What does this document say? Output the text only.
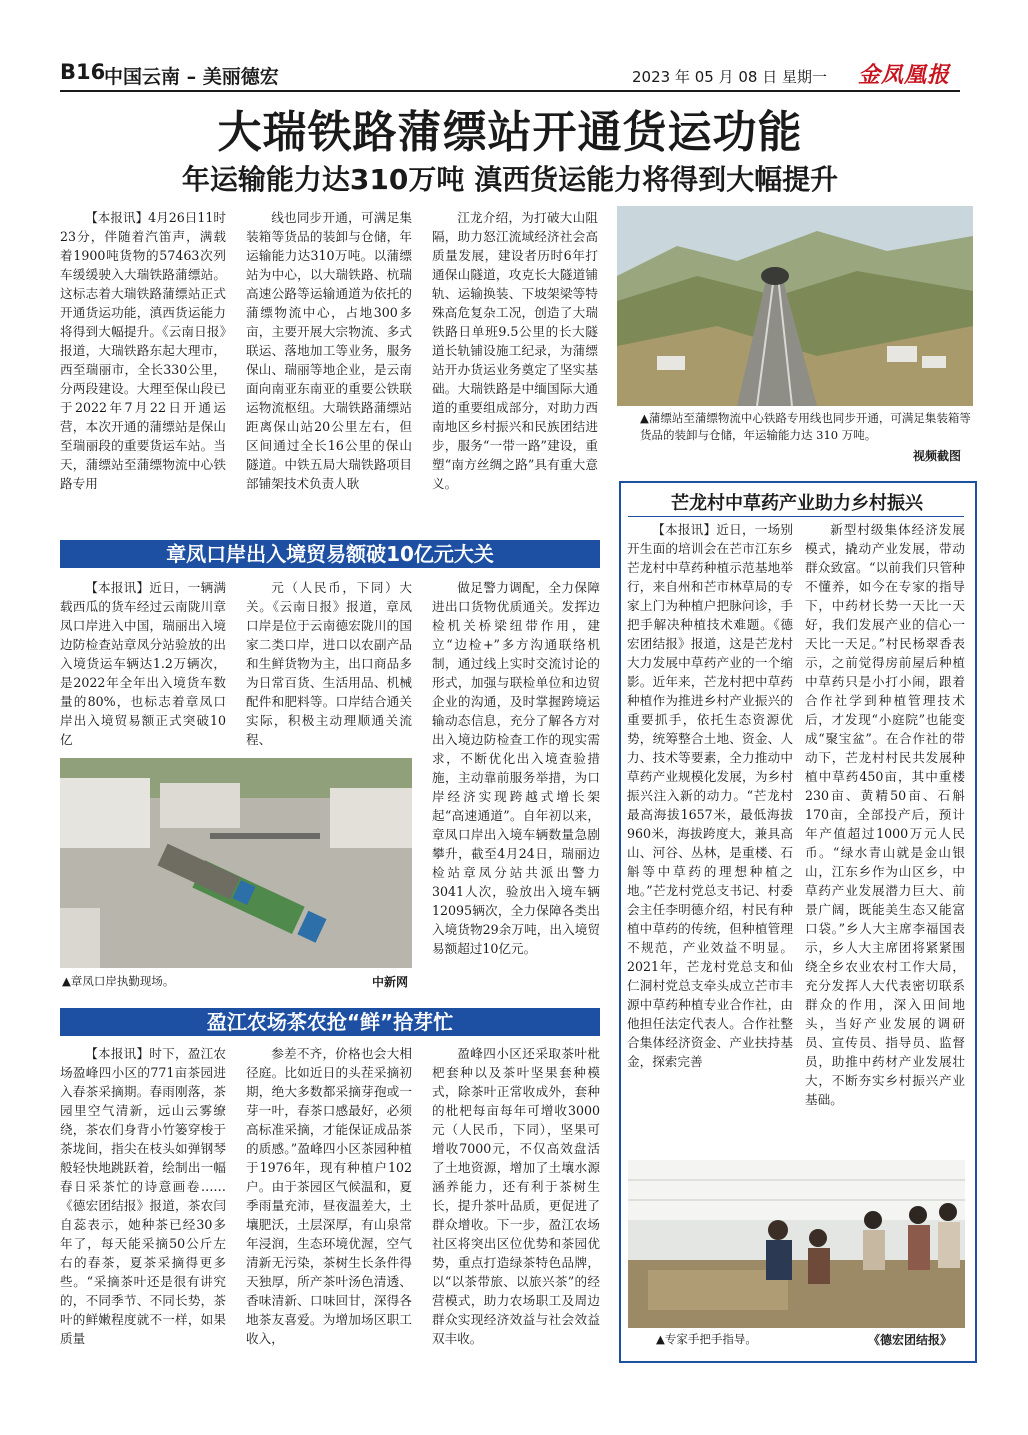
B16
中国云南 – 美丽德宏	2023 年 05 月 08 日 星期一 金凤凰报
大瑞铁路蒲缥站开通货运功能
年运输能力达310万吨 滇西货运能力将得到大幅提升

【本报讯】4月26日11时23分，伴随着汽笛声，满载着1900吨货物的57463次列车缓缓驶入大瑞铁路蒲缥站。这标志着大瑞铁路蒲缥站正式开通货运功能，滇西货运能力将得到大幅提升。《云南日报》报道，大瑞铁路东起大理市，西至瑞丽市，全长330公里，分两段建设。大理至保山段已于2022年7月22日开通运营，本次开通的蒲缥站是保山至瑞丽段的重要货运车站。当天，蒲缥站至蒲缥物流中心铁路专用

线也同步开通，可满足集装箱等货品的装卸与仓储，年运输能力达310万吨。以蒲缥站为中心，以大瑞铁路、杭瑞高速公路等运输通道为依托的蒲缥物流中心，占地300多亩，主要开展大宗物流、多式联运、落地加工等业务，服务保山、瑞丽等地企业，是云南面向南亚东南亚的重要公铁联运物流枢纽。大瑞铁路蒲缥站距离保山站20公里左右，但区间通过全长16公里的保山隧道。中铁五局大瑞铁路项目部铺架技术负责人耿

江龙介绍，为打破大山阻隔，助力怒江流域经济社会高质量发展，建设者历时6年打通保山隧道，攻克长大隧道铺轨、运输换装、下坡架梁等特殊高危复杂工况，创造了大瑞铁路日单班9.5公里的长大隧道长轨铺设施工纪录，为蒲缥站开办货运业务奠定了坚实基础。大瑞铁路是中缅国际大通道的重要组成部分，对助力西南地区乡村振兴和民族团结进步，服务“一带一路”建设，重塑“南方丝绸之路”具有重大意义。

▲蒲缥站至蒲缥物流中心铁路专用线也同步开通，可满足集装箱等货品的装卸与仓储，年运输能力达 310 万吨。
视频截图
章凤口岸出入境贸易额破10亿元大关

【本报讯】近日，一辆满载西瓜的货车经过云南陇川章凤口岸进入中国，瑞丽出入境边防检查站章凤分站验放的出入境货运车辆达1.2万辆次，是2022年全年出入境货车数量的80%，也标志着章凤口岸出入境贸易额正式突破10亿

元（人民币，下同）大关。《云南日报》报道，章凤口岸是位于云南德宏陇川的国家二类口岸，进口以农副产品和生鲜货物为主，出口商品多为日常百货、生活用品、机械配件和肥料等。口岸结合通关实际，积极主动理顺通关流程、

做足警力调配，全力保障进出口货物优质通关。发挥边检机关桥梁纽带作用，建立“边检+”多方沟通联络机制，通过线上实时交流讨论的形式，加强与联检单位和边贸企业的沟通，及时掌握跨境运输动态信息，充分了解各方对出入境边防检查工作的现实需求，不断优化出入境查验措施，主动靠前服务举措，为口岸经济实现跨越式增长架起“高速通道”。自年初以来，章凤口岸出入境车辆数量急剧攀升，截至4月24日，瑞丽边检站章凤分站共派出警力3041人次，验放出入境车辆12095辆次，全力保障各类出入境货物29余万吨，出入境贸易额超过10亿元。

▲章凤口岸执勤现场。	中新网
盈江农场茶农抢“鲜”拾芽忙

【本报讯】时下，盈江农场盈峰四小区的771亩茶园进入春茶采摘期。春雨刚落，茶园里空气清新，远山云雾缭绕，茶农们身背小竹篓穿梭于茶垅间，指尖在枝头如弹钢琴般轻快地跳跃着，绘制出一幅春日采茶忙的诗意画卷……《德宏团结报》报道，茶农闫自蕊表示，她种茶已经30多年了，每天能采摘50公斤左右的春茶，夏茶采摘得更多些。“采摘茶叶还是很有讲究的，不同季节、不同长势，茶叶的鲜嫩程度就不一样，如果质量

参差不齐，价格也会大相径庭。比如近日的头茬采摘初期，绝大多数都采摘芽孢或一芽一叶，春茶口感最好，必须高标准采摘，才能保证成品茶的质感。”盈峰四小区茶园种植于1976年，现有种植户102户。由于茶园区气候温和，夏季雨量充沛，昼夜温差大，土壤肥沃，土层深厚，有山泉常年浸润，生态环境优渥，空气清新无污染，茶树生长条件得天独厚，所产茶叶汤色清透、香味清新、口味回甘，深得各地茶友喜爱。为增加场区职工收入，

盈峰四小区还采取茶叶枇杷套种以及茶叶坚果套种模式，除茶叶正常收成外，套种的枇杷每亩每年可增收3000元（人民币，下同），坚果可增收7000元，不仅高效盘活了土地资源，增加了土壤水源涵养能力，还有利于茶树生长，提升茶叶品质，更促进了群众增收。下一步，盈江农场社区将突出区位优势和茶园优势，重点打造绿茶特色品牌，以“以茶带旅、以旅兴茶”的经营模式，助力农场职工及周边群众实现经济效益与社会效益双丰收。

芒龙村中草药产业助力乡村振兴

【本报讯】近日，一场别开生面的培训会在芒市江东乡芒龙村中草药种植示范基地举行，来自州和芒市林草局的专家上门为种植户把脉问诊，手把手解决种植技术难题。《德宏团结报》报道，这是芒龙村大力发展中草药产业的一个缩影。近年来，芒龙村把中草药种植作为推进乡村产业振兴的重要抓手，依托生态资源优势，统筹整合土地、资金、人力、技术等要素，全力推动中草药产业规模化发展，为乡村振兴注入新的动力。“芒龙村最高海拔1657米，最低海拔960米，海拔跨度大，兼具高山、河谷、丛林，是重楼、石斛等中草药的理想种植之地。”芒龙村党总支书记、村委会主任李明德介绍，村民有种植中草药的传统，但种植管理不规范，产业效益不明显。2021年，芒龙村党总支和仙仁洞村党总支牵头成立芒市丰源中草药种植专业合作社，由他担任法定代表人。合作社整合集体经济资金、产业扶持基金，探索完善

新型村级集体经济发展模式，撬动产业发展，带动群众致富。“以前我们只管种不懂养，如今在专家的指导下，中药材长势一天比一天好，我们发展产业的信心一天比一天足。”村民杨翠香表示，之前觉得房前屋后种植中草药只是小打小闹，跟着合作社学到种植管理技术后，才发现“小庭院”也能变成“聚宝盆”。在合作社的带动下，芒龙村村民共发展种植中草药450亩，其中重楼230亩、黄精50亩、石斛170亩，全部投产后，预计年产值超过1000万元人民币。“绿水青山就是金山银山，江东乡作为山区乡，中草药产业发展潜力巨大、前景广阔，既能美生态又能富口袋。”乡人大主席李福国表示，乡人大主席团将紧紧围绕全乡农业农村工作大局，充分发挥人大代表密切联系群众的作用，深入田间地头，当好产业发展的调研员、宣传员、指导员、监督员，助推中药材产业发展壮大，不断夯实乡村振兴产业基础。

▲专家手把手指导。	《德宏团结报》
